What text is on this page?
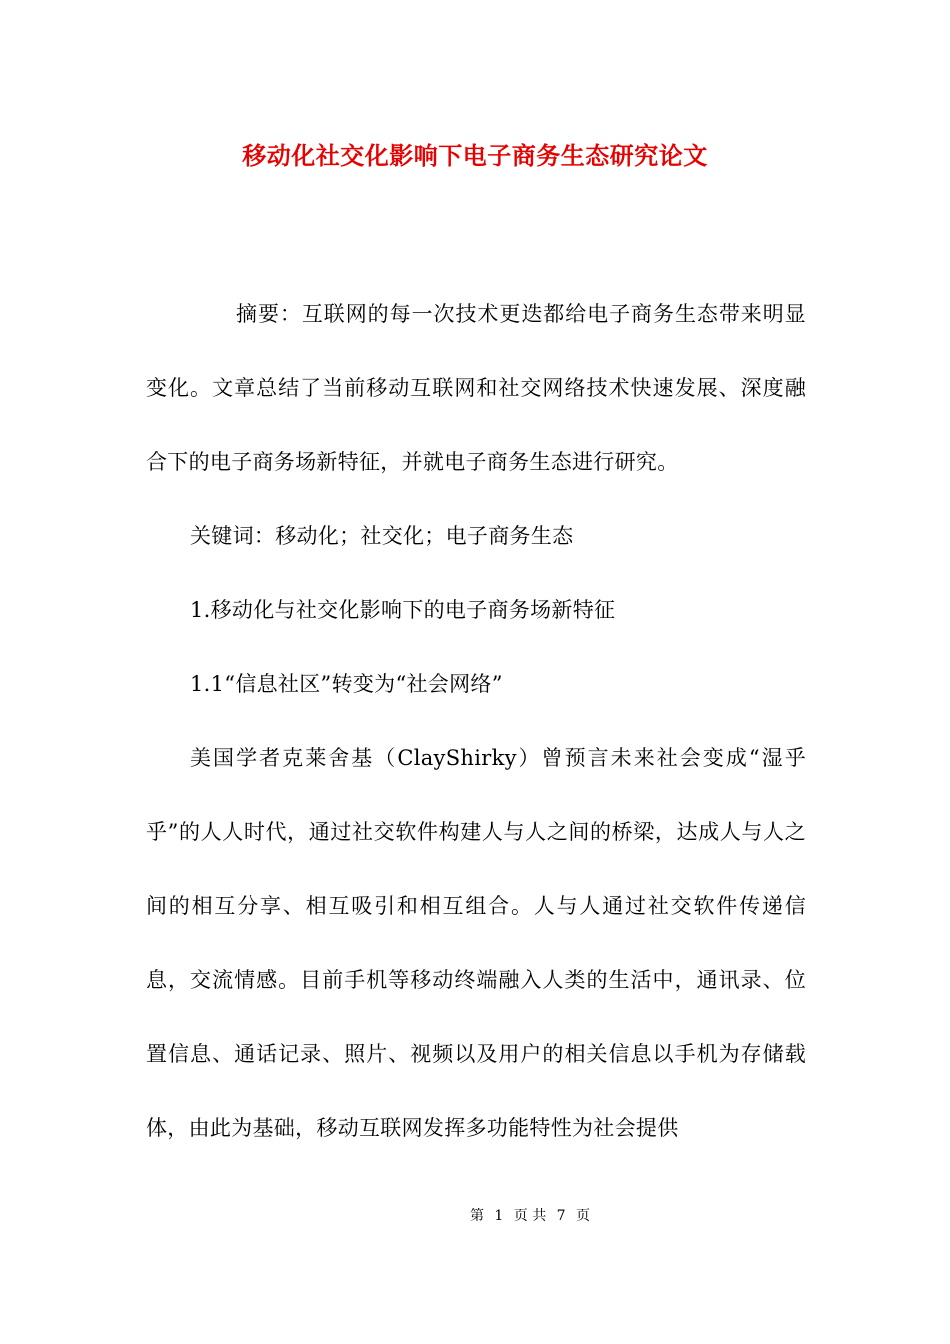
移动化社交化影响下电子商务生态研究论文

摘要：互联网的每一次技术更迭都给电子商务生态带来明显变化。文章总结了当前移动互联网和社交网络技术快速发展、深度融合下的电子商务场新特征，并就电子商务生态进行研究。

关键词：移动化；社交化；电子商务生态

1.移动化与社交化影响下的电子商务场新特征

1.1“信息社区”转变为“社会网络”

美国学者克莱舍基（ClayShirky）曾预言未来社会变成“湿乎乎”的人人时代，通过社交软件构建人与人之间的桥梁，达成人与人之间的相互分享、相互吸引和相互组合。人与人通过社交软件传递信息，交流情感。目前手机等移动终端融入人类的生活中，通讯录、位置信息、通话记录、照片、视频以及用户的相关信息以手机为存储载体，由此为基础，移动互联网发挥多功能特性为社会提供

第 1 页 共 7 页
